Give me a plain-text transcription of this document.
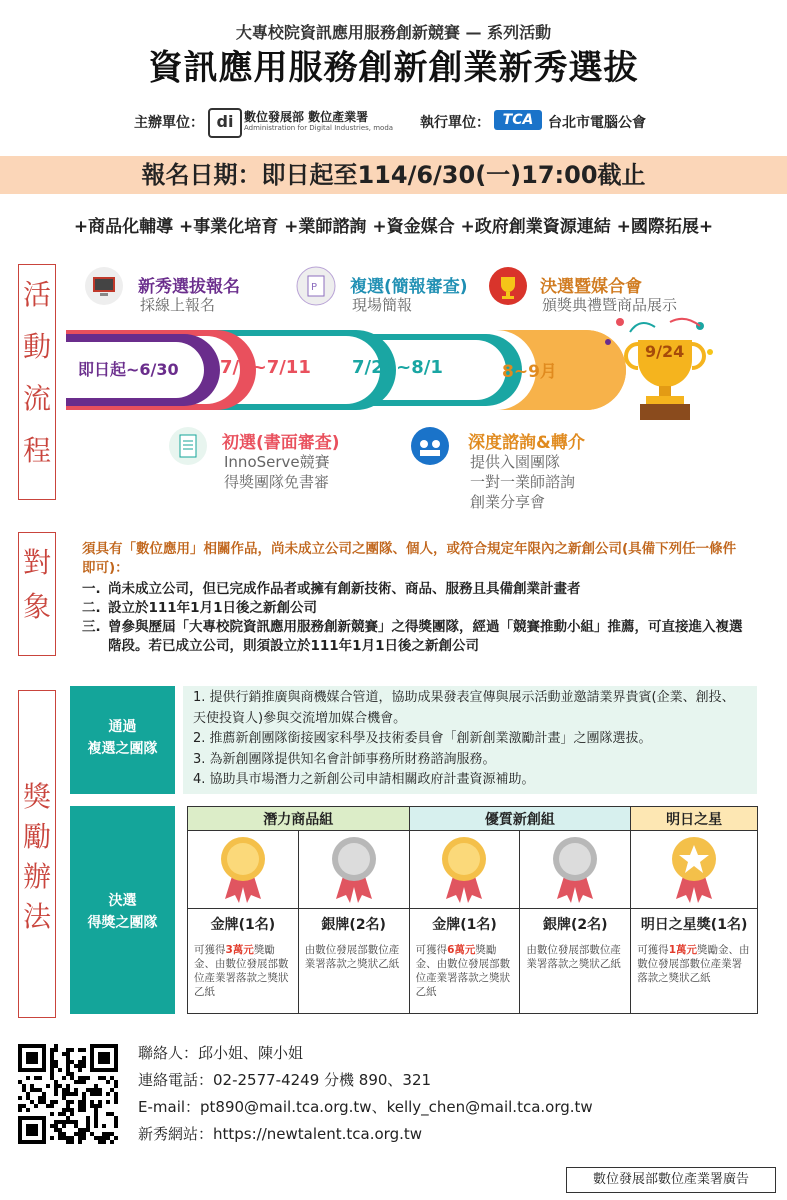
大專校院資訊應用服務創新競賽 — 系列活動
資訊應用服務創新創業新秀選拔
主辦單位： di 數位發展部 數位產業署
Administration for Digital Industries, moda 執行單位： TCA	台北市電腦公會
報名日期：即日起至114/6/30(一)17:00截止
+商品化輔導 +事業化培育 +業師諮詢 +資金媒合 +政府創業資源連結 +國際拓展+
活
動
流
程
新秀選拔報名
採線上報名
P 複選(簡報審查)
現場簡報
決選暨媒合會
頒獎典禮暨商品展示
即日起~6/30 7/7~7/11 7/28~8/1	8~9月
9/24
初選(書面審查)
InnoServe競賽
得獎團隊免書審
深度諮詢&轉介
提供入園團隊
一對一業師諮詢
創業分享會
對
象
須具有「數位應用」相關作品，尚未成立公司之團隊、個人，或符合規定年限內之新創公司(具備下列任一條件即可)：
一. 尚未成立公司，但已完成作品者或擁有創新技術、商品、服務且具備創業計畫者
二. 設立於111年1月1日後之新創公司
三. 曾參與歷屆「大專校院資訊應用服務創新競賽」之得獎團隊，經過「競賽推動小組」推薦，可直接進入複選階段。若已成立公司，則須設立於111年1月1日後之新創公司
獎
勵
辦
法
通過
複選之團隊
1. 提供行銷推廣與商機媒合管道，協助成果發表宣傳與展示活動並邀請業界貴賓(企業、創投、天使投資人)參與交流增加媒合機會。
2. 推薦新創團隊銜接國家科學及技術委員會「創新創業激勵計畫」之團隊選拔。
3. 為新創團隊提供知名會計師事務所財務諮詢服務。
4. 協助具市場潛力之新創公司申請相關政府計畫資源補助。
決選
得獎之團隊
潛力商品組		優質新創組		明日之星

金牌(1名)	銀牌(2名)	金牌(1名)	銀牌(2名)	明日之星獎(1名)

可獲得3萬元獎勵金、由數位發展部數位產業署落款之獎狀乙紙	由數位發展部數位產業署落款之獎狀乙紙	可獲得6萬元獎勵金、由數位發展部數位產業署落款之獎狀乙紙	由數位發展部數位產業署落款之獎狀乙紙	可獲得1萬元獎勵金、由數位發展部數位產業署落款之獎狀乙紙
聯絡人：邱小姐、陳小姐
連絡電話：02-2577-4249 分機 890、321
E-mail：pt890@mail.tca.org.tw、kelly_chen@mail.tca.org.tw
新秀網站：https://newtalent.tca.org.tw
數位發展部數位產業署廣告
